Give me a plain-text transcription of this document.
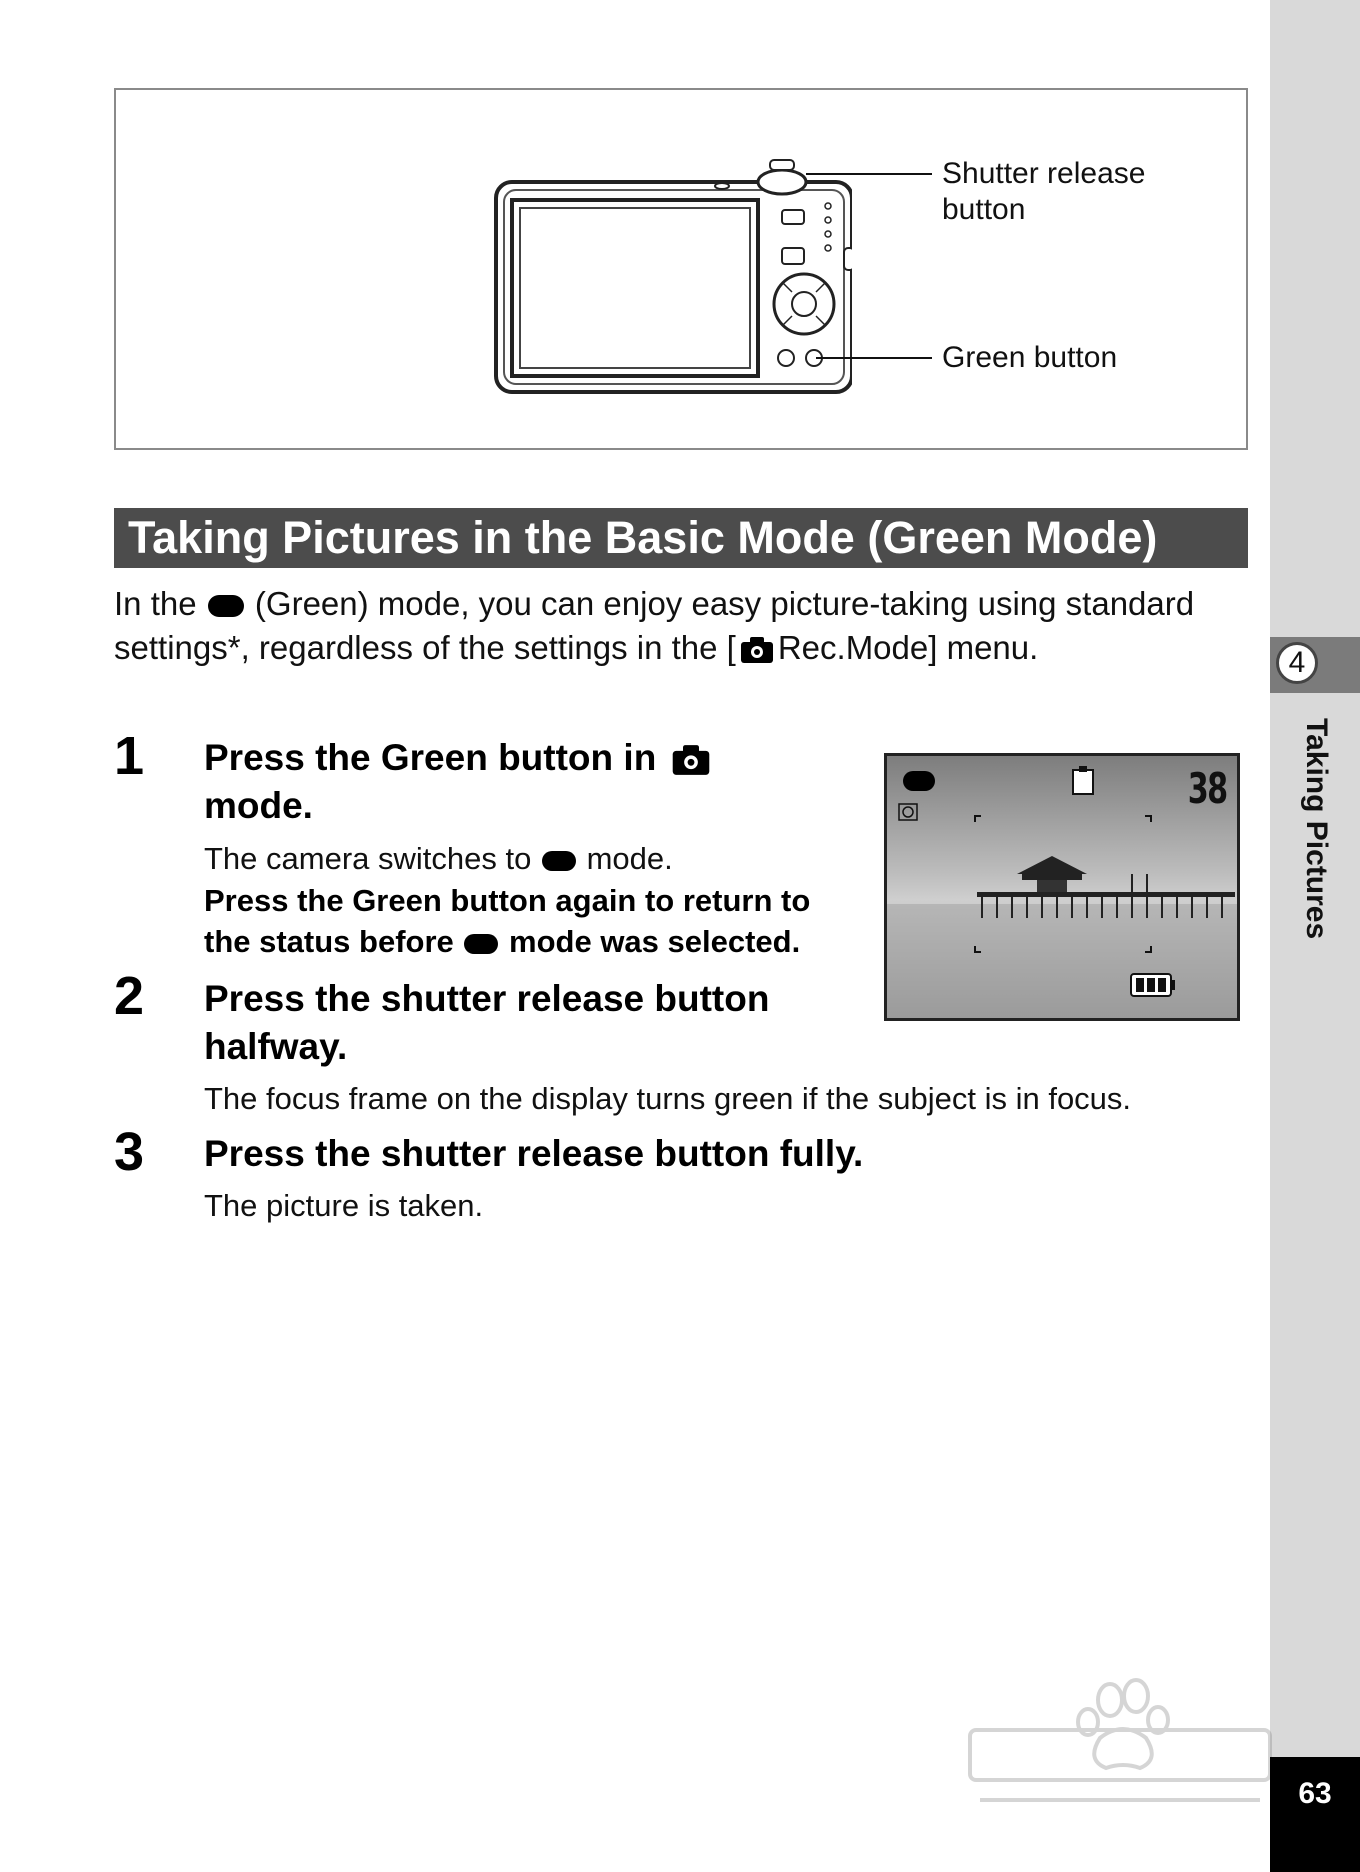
4
Taking Pictures
Shutter release
button
Green button
Taking Pictures in the Basic Mode (Green Mode)
In the (Green) mode, you can enjoy easy picture-taking using standard settings*, regardless of the settings in the [ Rec.Mode] menu.
1 Press the Green button in
mode.
The camera switches to mode.
Press the Green button again to return to
the status before mode was selected.
38
2 Press the shutter release button
halfway.
The focus frame on the display turns green if the subject is in focus.
3 Press the shutter release button fully.
The picture is taken.
63
